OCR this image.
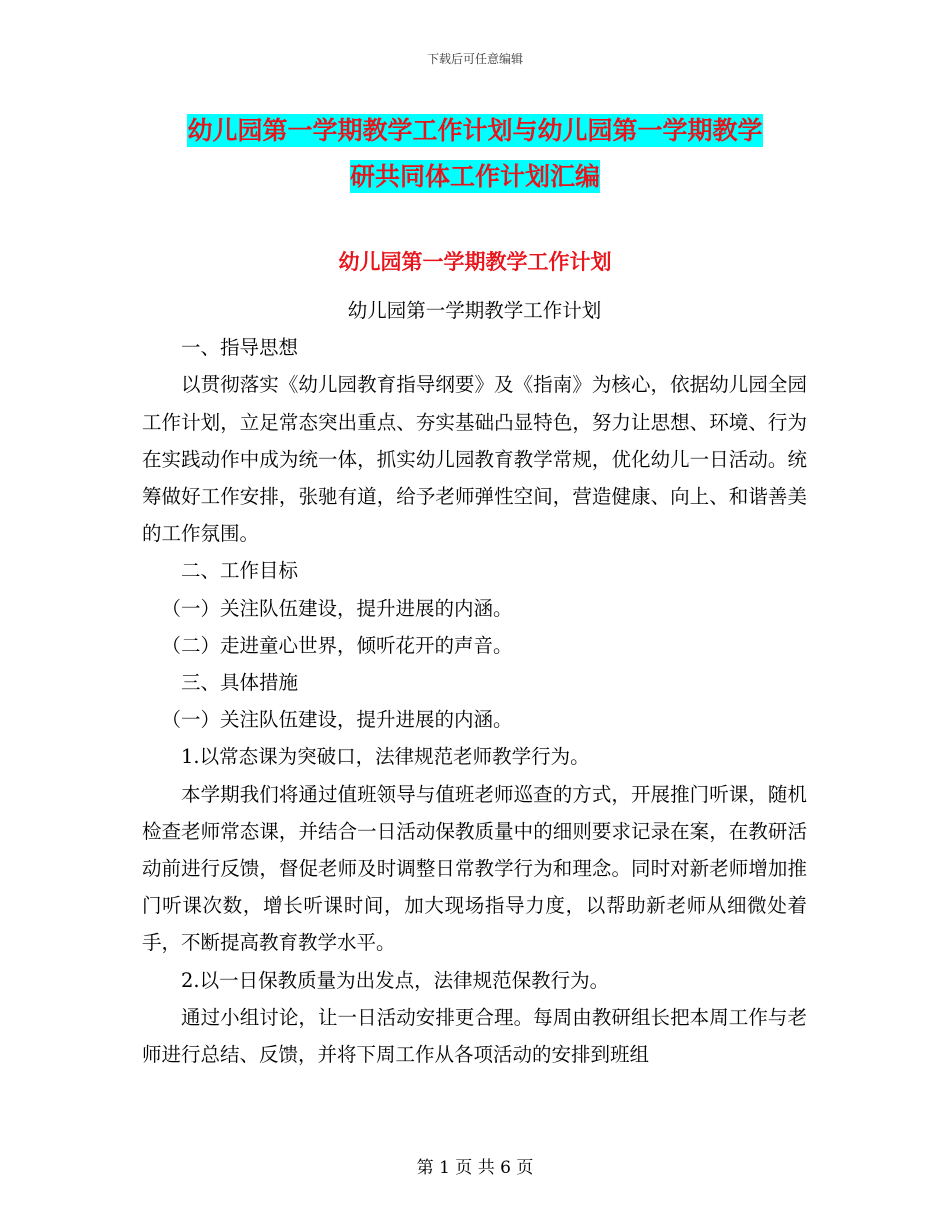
下载后可任意编辑
幼儿园第一学期教学工作计划与幼儿园第一学期教学
研共同体工作计划汇编
幼儿园第一学期教学工作计划

幼儿园第一学期教学工作计划

一、指导思想

以贯彻落实《幼儿园教育指导纲要》及《指南》为核心，依据幼儿园全园工作计划，立足常态突出重点、夯实基础凸显特色，努力让思想、环境、行为在实践动作中成为统一体，抓实幼儿园教育教学常规，优化幼儿一日活动。统筹做好工作安排，张驰有道，给予老师弹性空间，营造健康、向上、和谐善美的工作氛围。

二、工作目标

（一）关注队伍建设，提升进展的内涵。

（二）走进童心世界，倾听花开的声音。

三、具体措施

（一）关注队伍建设，提升进展的内涵。

1.以常态课为突破口，法律规范老师教学行为。

本学期我们将通过值班领导与值班老师巡查的方式，开展推门听课，随机检查老师常态课，并结合一日活动保教质量中的细则要求记录在案，在教研活动前进行反馈，督促老师及时调整日常教学行为和理念。同时对新老师增加推门听课次数，增长听课时间，加大现场指导力度，以帮助新老师从细微处着手，不断提高教育教学水平。

2.以一日保教质量为出发点，法律规范保教行为。

通过小组讨论，让一日活动安排更合理。每周由教研组长把本周工作与老师进行总结、反馈，并将下周工作从各项活动的安排到班组

第 1 页 共 6 页
